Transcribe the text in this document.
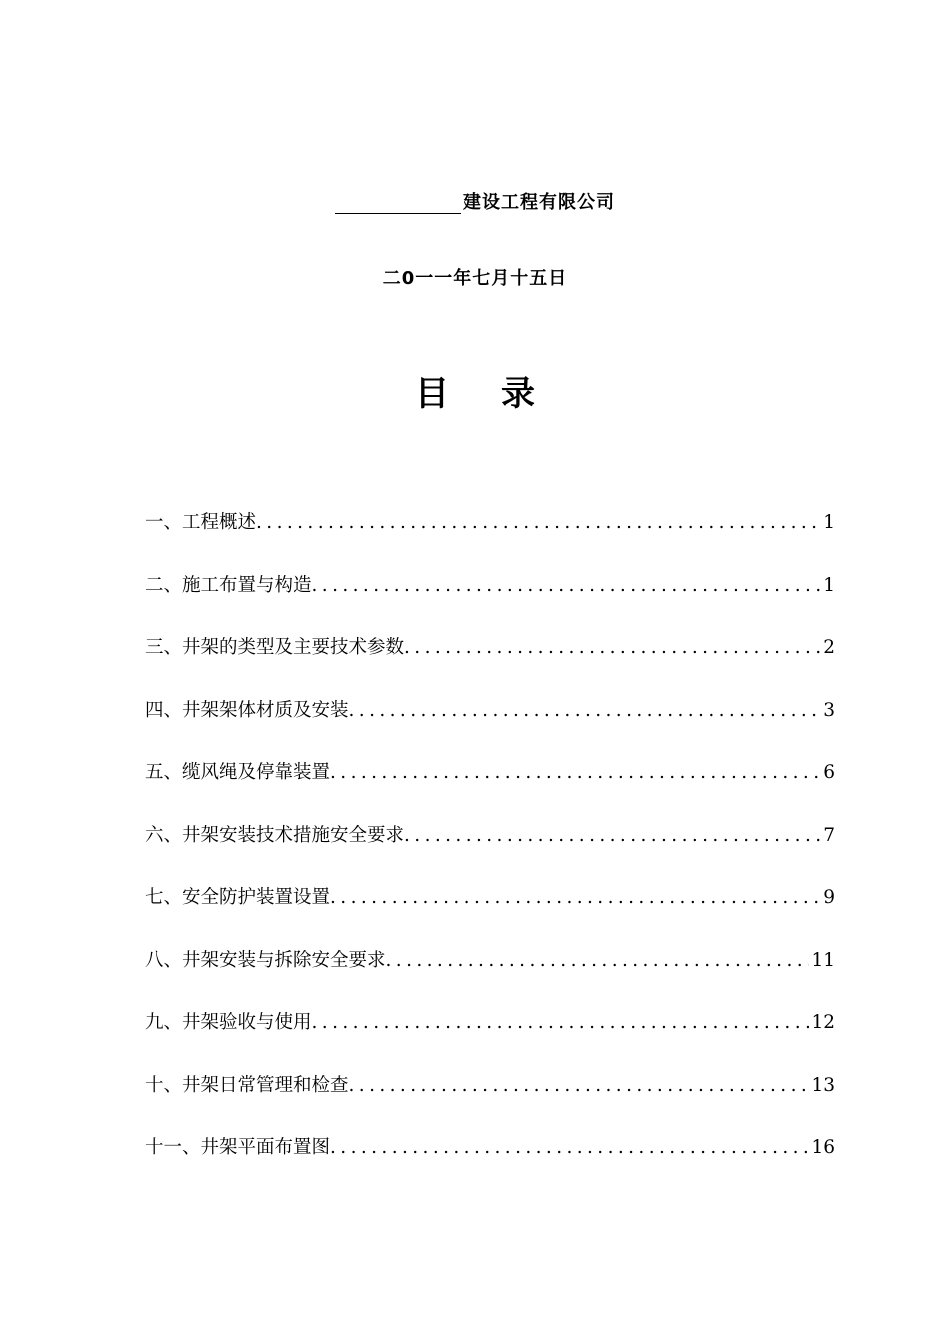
建设工程有限公司
二0一一年七月十五日
目 录
一、工程概述 .....	1
二、施工布置与构造 .....	1
三、井架的类型及主要技术参数 .....	2
四、井架架体材质及安装 .....	3
五、缆风绳及停靠装置 .....	6
六、井架安装技术措施安全要求 .....	7
七、安全防护装置设置 .....	9
八、井架安装与拆除安全要求 .....	11
九、井架验收与使用 .....	12
十、井架日常管理和检查 .....	13
十一、井架平面布置图 .....	16
